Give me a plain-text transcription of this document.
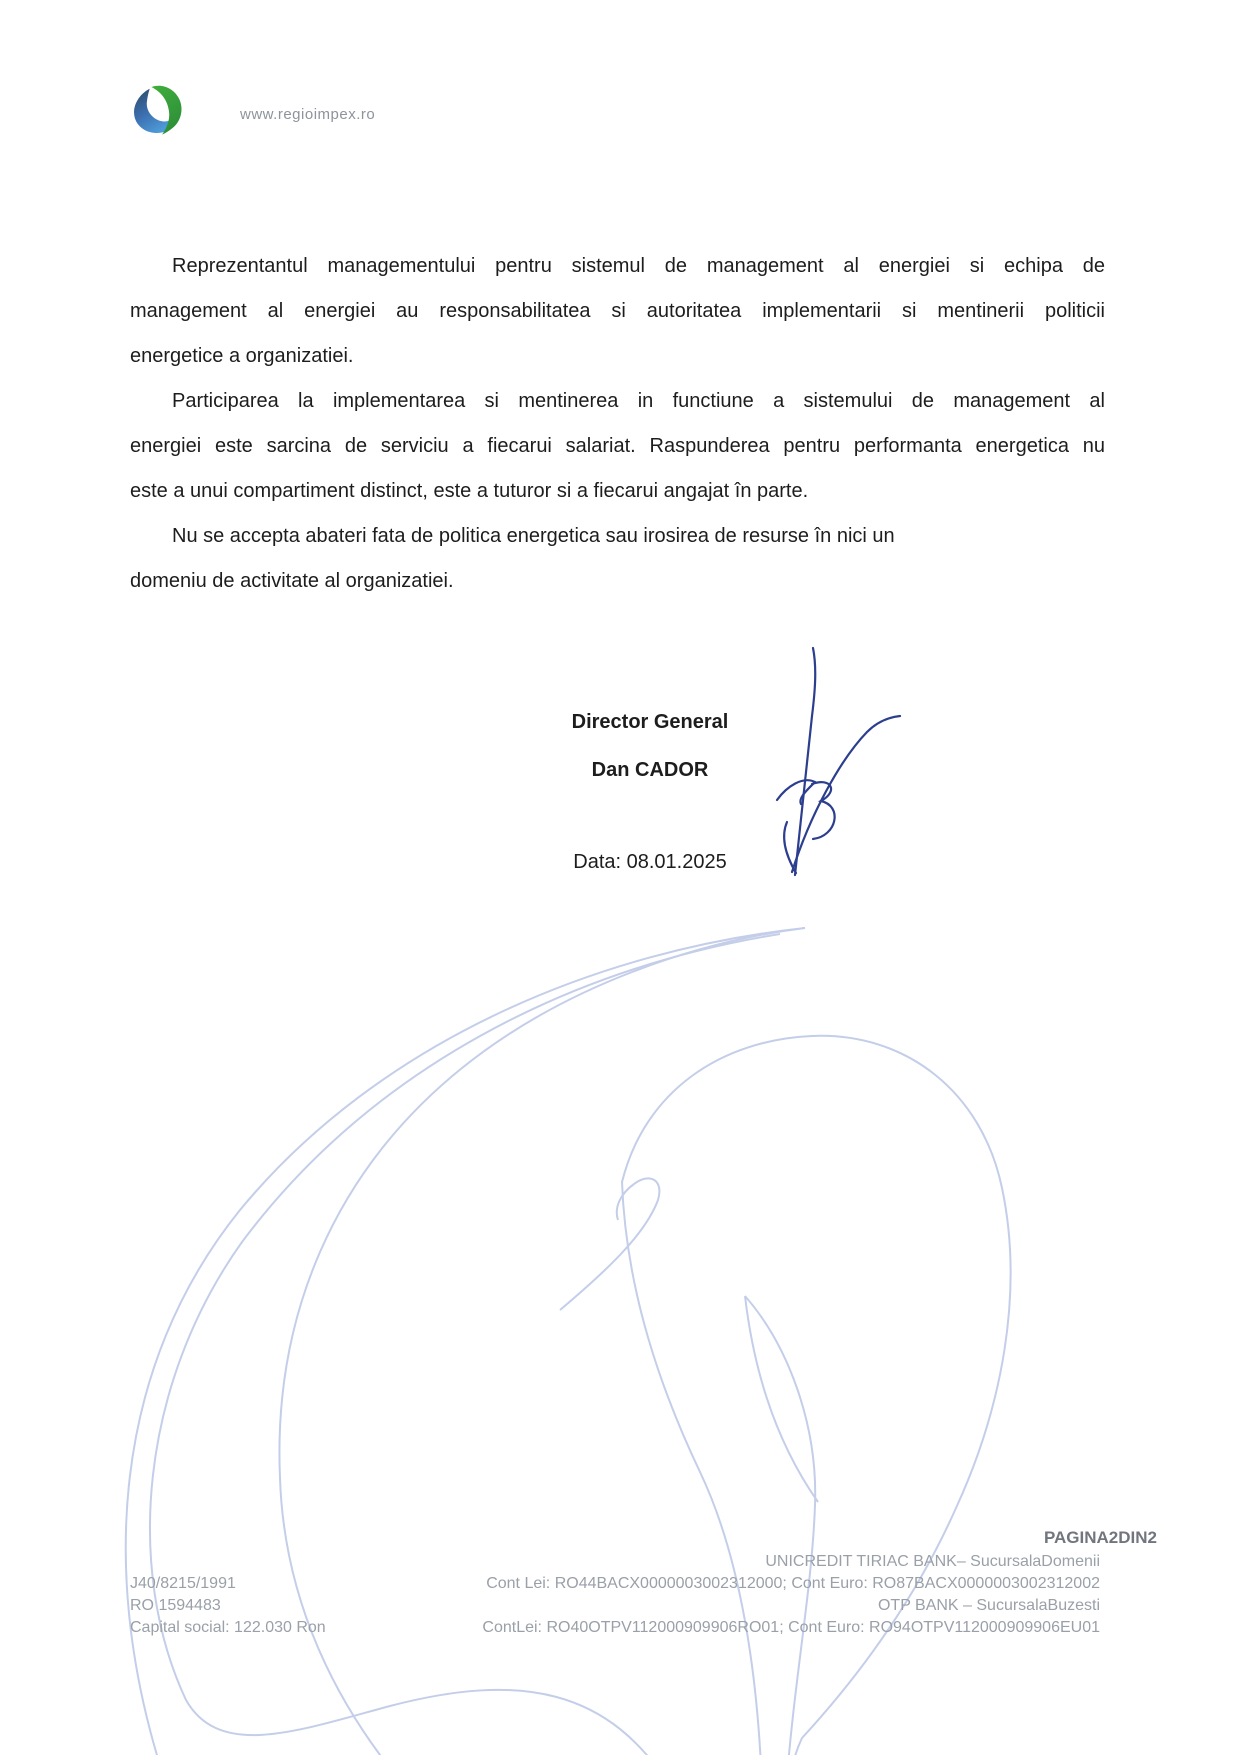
www.regioimpex.ro
Reprezentantul managementului pentru sistemul de management al energiei si echipa de
management al energiei au responsabilitatea si autoritatea implementarii si mentinerii politicii
energetice a organizatiei.
Participarea la implementarea si mentinerea in functiune a sistemului de management al
energiei este sarcina de serviciu a fiecarui salariat. Raspunderea pentru performanta energetica nu
este a unui compartiment distinct, este a tuturor si a fiecarui angajat în parte.
Nu se accepta abateri fata de politica energetica sau irosirea de resurse în nici un
domeniu de activitate al organizatiei.
Director General
Dan CADOR
Data: 08.01.2025
PAGINA2DIN2
J40/8215/1991
RO 1594483
Capital social: 122.030 Ron
UNICREDIT TIRIAC BANK– SucursalaDomenii
Cont Lei: RO44BACX0000003002312000; Cont Euro: RO87BACX0000003002312002
OTP BANK – SucursalaBuzesti
ContLei: RO40OTPV112000909906RO01; Cont Euro: RO94OTPV112000909906EU01
